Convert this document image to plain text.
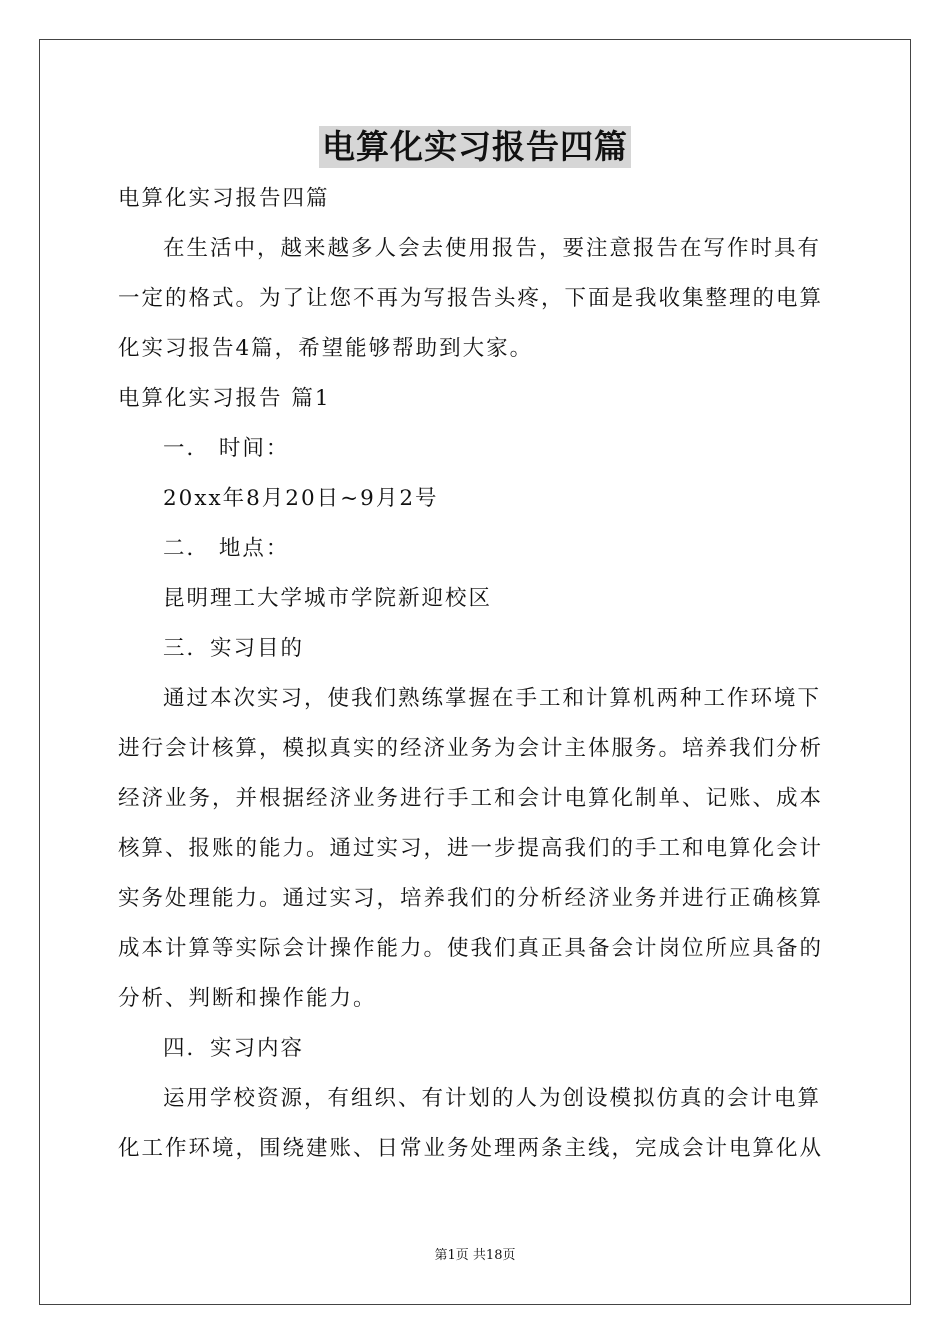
电算化实习报告四篇
电算化实习报告四篇
在生活中，越来越多人会去使用报告，要注意报告在写作时具有
一定的格式。为了让您不再为写报告头疼，下面是我收集整理的电算
化实习报告4篇，希望能够帮助到大家。
电算化实习报告 篇1
一． 时间：
20xx年8月20日~9月2号
二． 地点：
昆明理工大学城市学院新迎校区
三．实习目的
通过本次实习，使我们熟练掌握在手工和计算机两种工作环境下
进行会计核算，模拟真实的经济业务为会计主体服务。培养我们分析
经济业务，并根据经济业务进行手工和会计电算化制单、记账、成本
核算、报账的能力。通过实习，进一步提高我们的手工和电算化会计
实务处理能力。通过实习，培养我们的分析经济业务并进行正确核算
成本计算等实际会计操作能力。使我们真正具备会计岗位所应具备的
分析、判断和操作能力。
四．实习内容
运用学校资源，有组织、有计划的人为创设模拟仿真的会计电算
化工作环境，围绕建账、日常业务处理两条主线，完成会计电算化从
第1页 共18页
